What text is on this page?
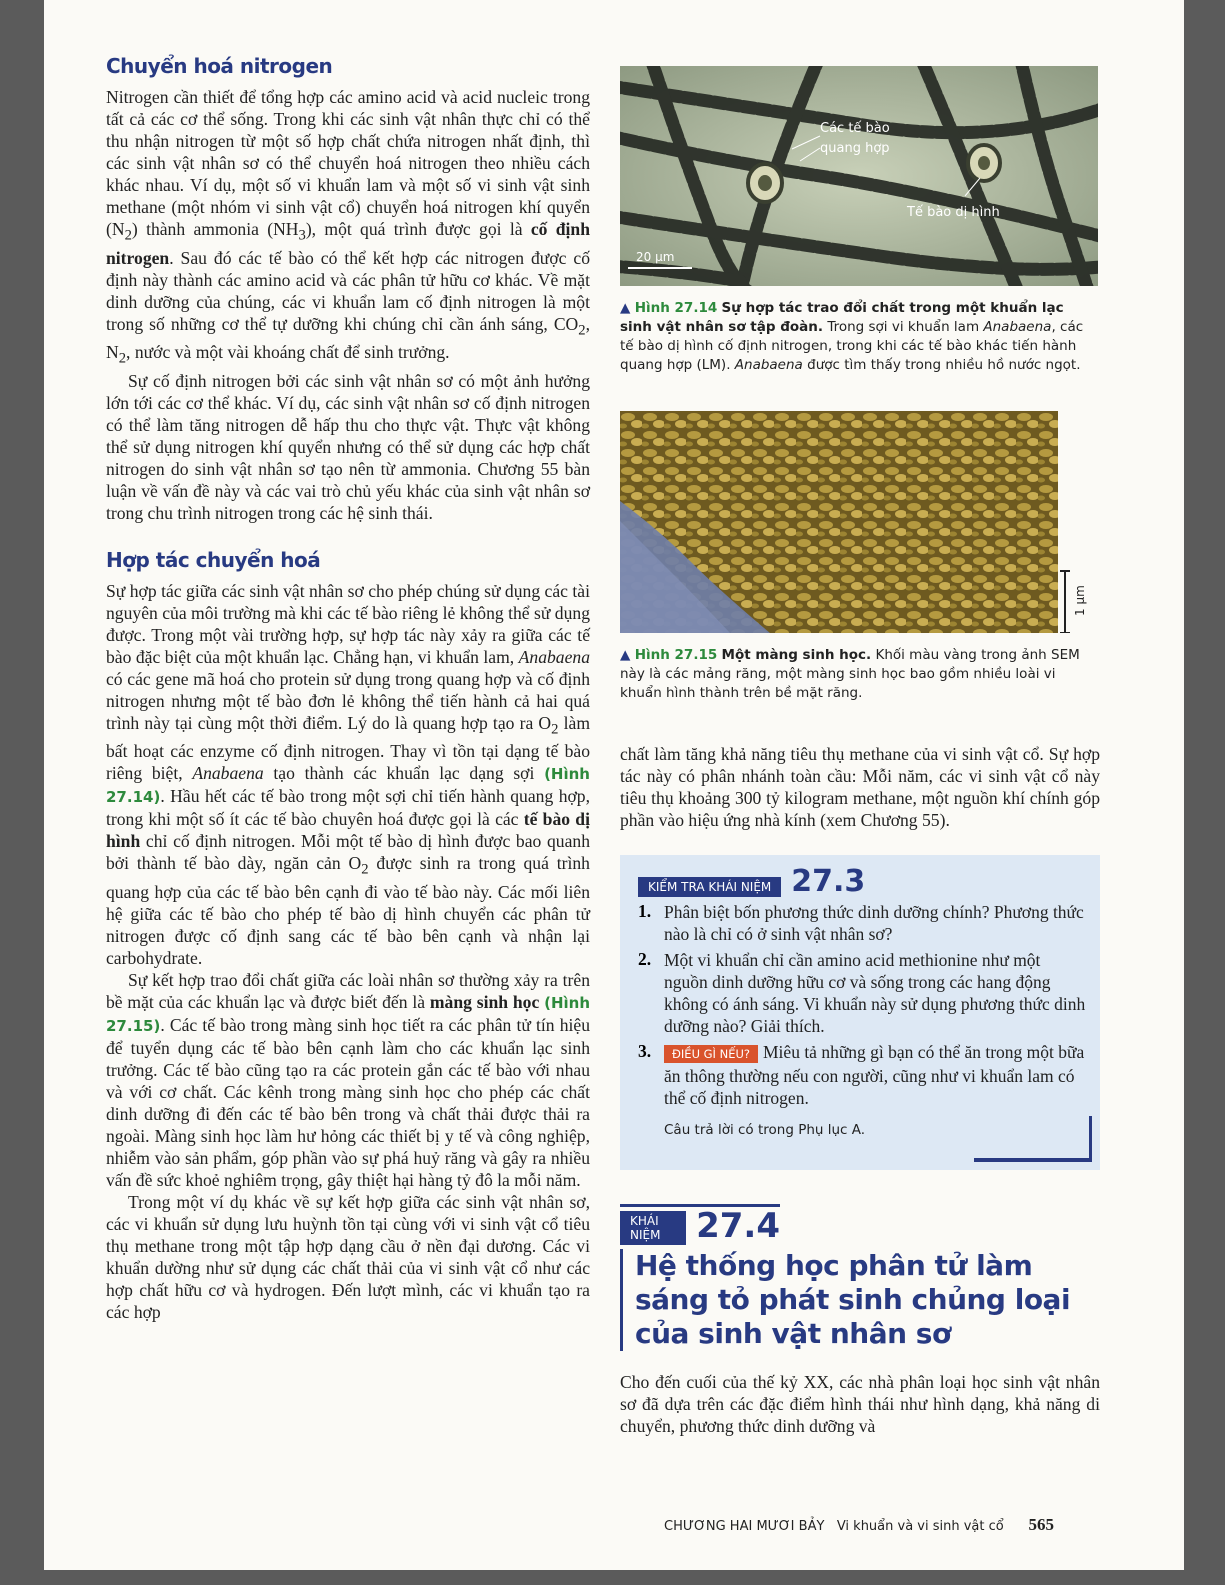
Chuyển hoá nitrogen

Nitrogen cần thiết để tổng hợp các amino acid và acid nucleic trong tất cả các cơ thể sống. Trong khi các sinh vật nhân thực chỉ có thể thu nhận nitrogen từ một số hợp chất chứa nitrogen nhất định, thì các sinh vật nhân sơ có thể chuyển hoá nitrogen theo nhiều cách khác nhau. Ví dụ, một số vi khuẩn lam và một số vi sinh vật sinh methane (một nhóm vi sinh vật cổ) chuyển hoá nitrogen khí quyển $(N_2)$ thành ammonia $(NH_3)$, một quá trình được gọi là cố định nitrogen. Sau đó các tế bào có thể kết hợp các nitrogen được cố định này thành các amino acid và các phân tử hữu cơ khác. Về mặt dinh dưỡng của chúng, các vi khuẩn lam cố định nitrogen là một trong số những cơ thể tự dưỡng khi chúng chỉ cần ánh sáng, $CO_2$, $N_2$, nước và một vài khoáng chất để sinh trưởng.

Sự cố định nitrogen bởi các sinh vật nhân sơ có một ảnh hưởng lớn tới các cơ thể khác. Ví dụ, các sinh vật nhân sơ cố định nitrogen có thể làm tăng nitrogen dễ hấp thu cho thực vật. Thực vật không thể sử dụng nitrogen khí quyển nhưng có thể sử dụng các hợp chất nitrogen do sinh vật nhân sơ tạo nên từ ammonia. Chương 55 bàn luận về vấn đề này và các vai trò chủ yếu khác của sinh vật nhân sơ trong chu trình nitrogen trong các hệ sinh thái.

Hợp tác chuyển hoá

Sự hợp tác giữa các sinh vật nhân sơ cho phép chúng sử dụng các tài nguyên của môi trường mà khi các tế bào riêng lẻ không thể sử dụng được. Trong một vài trường hợp, sự hợp tác này xảy ra giữa các tế bào đặc biệt của một khuẩn lạc. Chẳng hạn, vi khuẩn lam, Anabaena có các gene mã hoá cho protein sử dụng trong quang hợp và cố định nitrogen nhưng một tế bào đơn lẻ không thể tiến hành cả hai quá trình này tại cùng một thời điểm. Lý do là quang hợp tạo ra $O_2$ làm bất hoạt các enzyme cố định nitrogen. Thay vì tồn tại dạng tế bào riêng biệt, Anabaena tạo thành các khuẩn lạc dạng sợi (Hình 27.14). Hầu hết các tế bào trong một sợi chỉ tiến hành quang hợp, trong khi một số ít các tế bào chuyên hoá được gọi là các tế bào dị hình chỉ cố định nitrogen. Mỗi một tế bào dị hình được bao quanh bởi thành tế bào dày, ngăn cản $O_2$ được sinh ra trong quá trình quang hợp của các tế bào bên cạnh đi vào tế bào này. Các mối liên hệ giữa các tế bào cho phép tế bào dị hình chuyển các phân tử nitrogen được cố định sang các tế bào bên cạnh và nhận lại carbohydrate.

Sự kết hợp trao đổi chất giữa các loài nhân sơ thường xảy ra trên bề mặt của các khuẩn lạc và được biết đến là màng sinh học (Hình 27.15). Các tế bào trong màng sinh học tiết ra các phân tử tín hiệu để tuyển dụng các tế bào bên cạnh làm cho các khuẩn lạc sinh trưởng. Các tế bào cũng tạo ra các protein gắn các tế bào với nhau và với cơ chất. Các kênh trong màng sinh học cho phép các chất dinh dưỡng đi đến các tế bào bên trong và chất thải được thải ra ngoài. Màng sinh học làm hư hỏng các thiết bị y tế và công nghiệp, nhiễm vào sản phẩm, góp phần vào sự phá huỷ răng và gây ra nhiều vấn đề sức khoẻ nghiêm trọng, gây thiệt hại hàng tỷ đô la mỗi năm.

Trong một ví dụ khác về sự kết hợp giữa các sinh vật nhân sơ, các vi khuẩn sử dụng lưu huỳnh tồn tại cùng với vi sinh vật cổ tiêu thụ methane trong một tập hợp dạng cầu ở nền đại dương. Các vi khuẩn dường như sử dụng các chất thải của vi sinh vật cổ như các hợp chất hữu cơ và hydrogen. Đến lượt mình, các vi khuẩn tạo ra các hợp

Các tế bào quang hợp
Tế bào dị hình
20 µm
▲ Hình 27.14 Sự hợp tác trao đổi chất trong một khuẩn lạc sinh vật nhân sơ tập đoàn. Trong sợi vi khuẩn lam Anabaena, các tế bào dị hình cố định nitrogen, trong khi các tế bào khác tiến hành quang hợp (LM). Anabaena được tìm thấy trong nhiều hồ nước ngọt.
1 µm
▲ Hình 27.15 Một màng sinh học. Khối màu vàng trong ảnh SEM này là các mảng răng, một màng sinh học bao gồm nhiều loài vi khuẩn hình thành trên bề mặt răng.

chất làm tăng khả năng tiêu thụ methane của vi sinh vật cổ. Sự hợp tác này có phân nhánh toàn cầu: Mỗi năm, các vi sinh vật cổ này tiêu thụ khoảng 300 tỷ kilogram methane, một nguồn khí chính góp phần vào hiệu ứng nhà kính (xem Chương 55).

KIỂM TRA KHÁI NIỆM 27.3
1. Phân biệt bốn phương thức dinh dưỡng chính? Phương thức nào là chỉ có ở sinh vật nhân sơ?
2. Một vi khuẩn chỉ cần amino acid methionine như một nguồn dinh dưỡng hữu cơ và sống trong các hang động không có ánh sáng. Vi khuẩn này sử dụng phương thức dinh dưỡng nào? Giải thích.
3.	ĐIỀU GÌ NẾU? Miêu tả những gì bạn có thể ăn trong một bữa ăn thông thường nếu con người, cũng như vi khuẩn lam có thể cố định nitrogen.
Câu trả lời có trong Phụ lục A.
KHÁI NIỆM	27.4
Hệ thống học phân tử làm sáng tỏ phát sinh chủng loại của sinh vật nhân sơ

Cho đến cuối của thế kỷ XX, các nhà phân loại học sinh vật nhân sơ đã dựa trên các đặc điểm hình thái như hình dạng, khả năng di chuyển, phương thức dinh dưỡng và

CHƯƠNG HAI MƯƠI BẢY Vi khuẩn và vi sinh vật cổ 565
